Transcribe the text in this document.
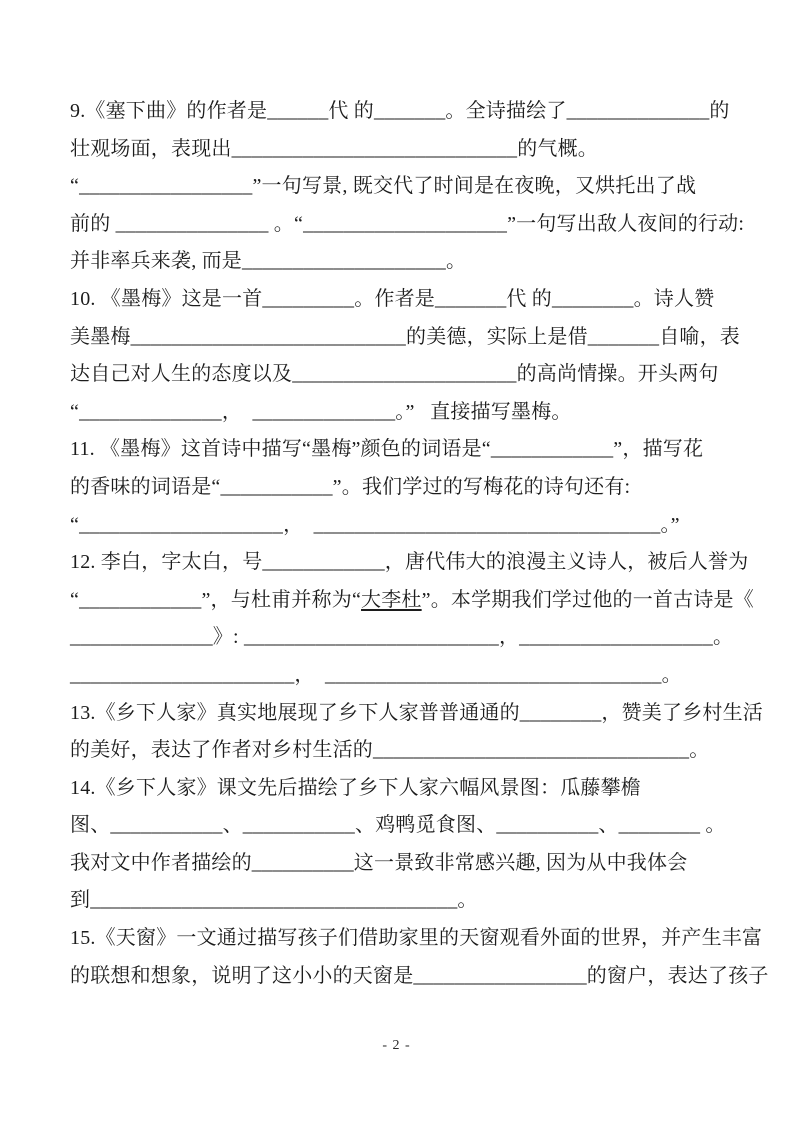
9.《塞下曲》的作者是______代 的_______。全诗描绘了______________的
壮观场面，表现出____________________________的气概。
“_________________”一句写景, 既交代了时间是在夜晚，又烘托出了战
前的 _______________ 。“____________________”一句写出敌人夜间的行动:
并非率兵来袭, 而是____________________。
10. 《墨梅》这是一首_________。作者是_______代 的________。诗人赞
美墨梅___________________________的美德，实际上是借_______自喻，表
达自己对人生的态度以及______________________的高尚情操。开头两句
“______________，  ______________。”   直接描写墨梅。
11. 《墨梅》这首诗中描写“墨梅”颜色的词语是“____________”，描写花
的香味的词语是“___________”。我们学过的写梅花的诗句还有:
“____________________，  __________________________________。”
12. 李白，字太白，号____________，唐代伟大的浪漫主义诗人，被后人誉为
“____________”，与杜甫并称为“大李杜”。本学期我们学过他的一首古诗是《
______________》: _________________________，___________________。
______________________，  _________________________________。
13.《乡下人家》真实地展现了乡下人家普普通通的________，赞美了乡村生活
的美好，表达了作者对乡村生活的_______________________________。
14.《乡下人家》课文先后描绘了乡下人家六幅风景图：瓜藤攀檐
图、___________、___________、鸡鸭觅食图、__________、________ 。
我对文中作者描绘的__________这一景致非常感兴趣, 因为从中我体会
到____________________________________。
15.《天窗》一文通过描写孩子们借助家里的天窗观看外面的世界，并产生丰富
的联想和想象，说明了这小小的天窗是_________________的窗户，表达了孩子
- 2 -
